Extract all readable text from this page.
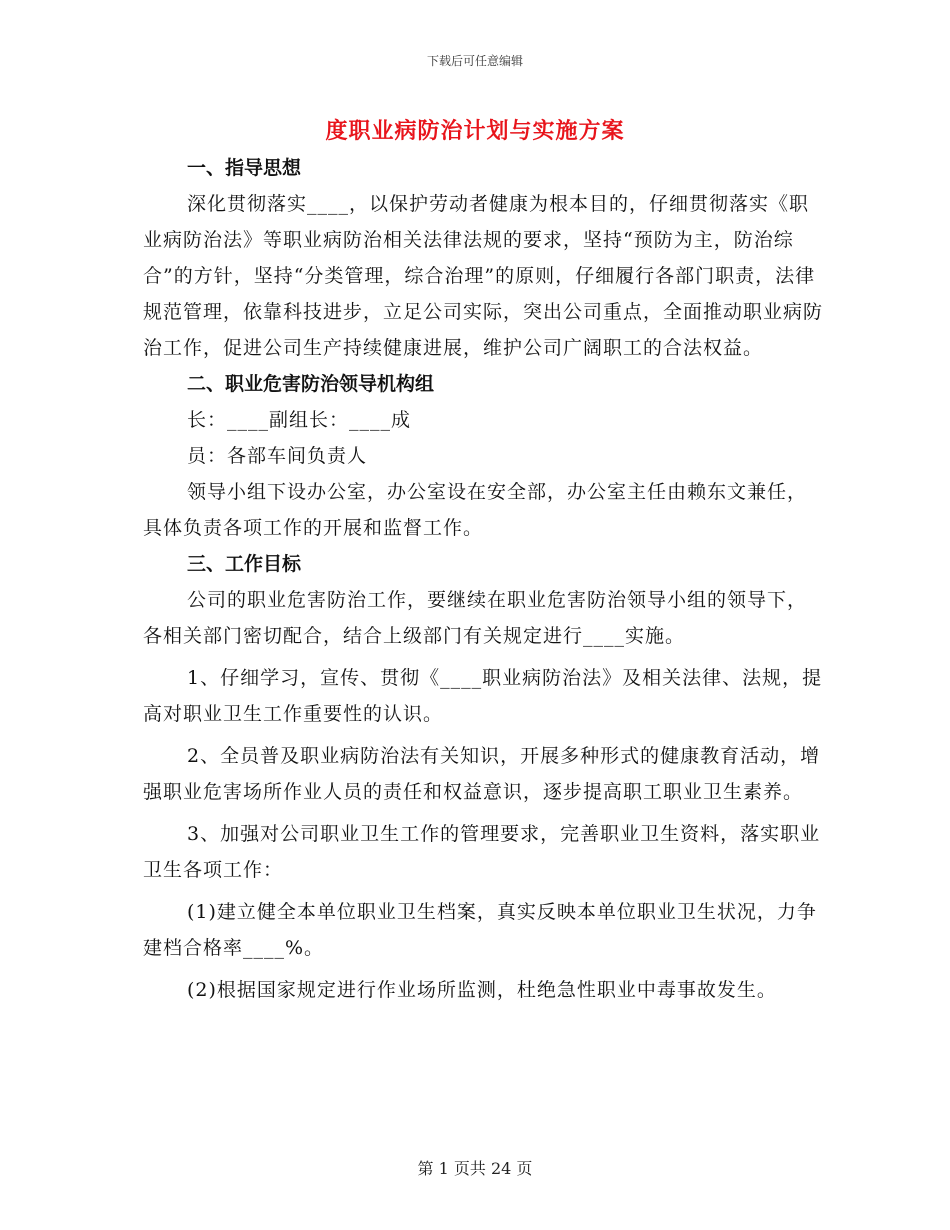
下载后可任意编辑
度职业病防治计划与实施方案
一、指导思想
深化贯彻落实____，以保护劳动者健康为根本目的，仔细贯彻落实《职业病防治法》等职业病防治相关法律法规的要求，坚持“预防为主，防治综合”的方针，坚持“分类管理，综合治理”的原则，仔细履行各部门职责，法律规范管理，依靠科技进步，立足公司实际，突出公司重点，全面推动职业病防治工作，促进公司生产持续健康进展，维护公司广阔职工的合法权益。
二、职业危害防治领导机构组
长：____副组长：____成
员：各部车间负责人
领导小组下设办公室，办公室设在安全部，办公室主任由赖东文兼任，具体负责各项工作的开展和监督工作。
三、工作目标
公司的职业危害防治工作，要继续在职业危害防治领导小组的领导下，各相关部门密切配合，结合上级部门有关规定进行____实施。
1、仔细学习，宣传、贯彻《____职业病防治法》及相关法律、法规，提高对职业卫生工作重要性的认识。
2、全员普及职业病防治法有关知识，开展多种形式的健康教育活动，增强职业危害场所作业人员的责任和权益意识，逐步提高职工职业卫生素养。
3、加强对公司职业卫生工作的管理要求，完善职业卫生资料，落实职业卫生各项工作：
(1)建立健全本单位职业卫生档案，真实反映本单位职业卫生状况，力争建档合格率____%。
(2)根据国家规定进行作业场所监测，杜绝急性职业中毒事故发生。
第 1 页共 24 页
